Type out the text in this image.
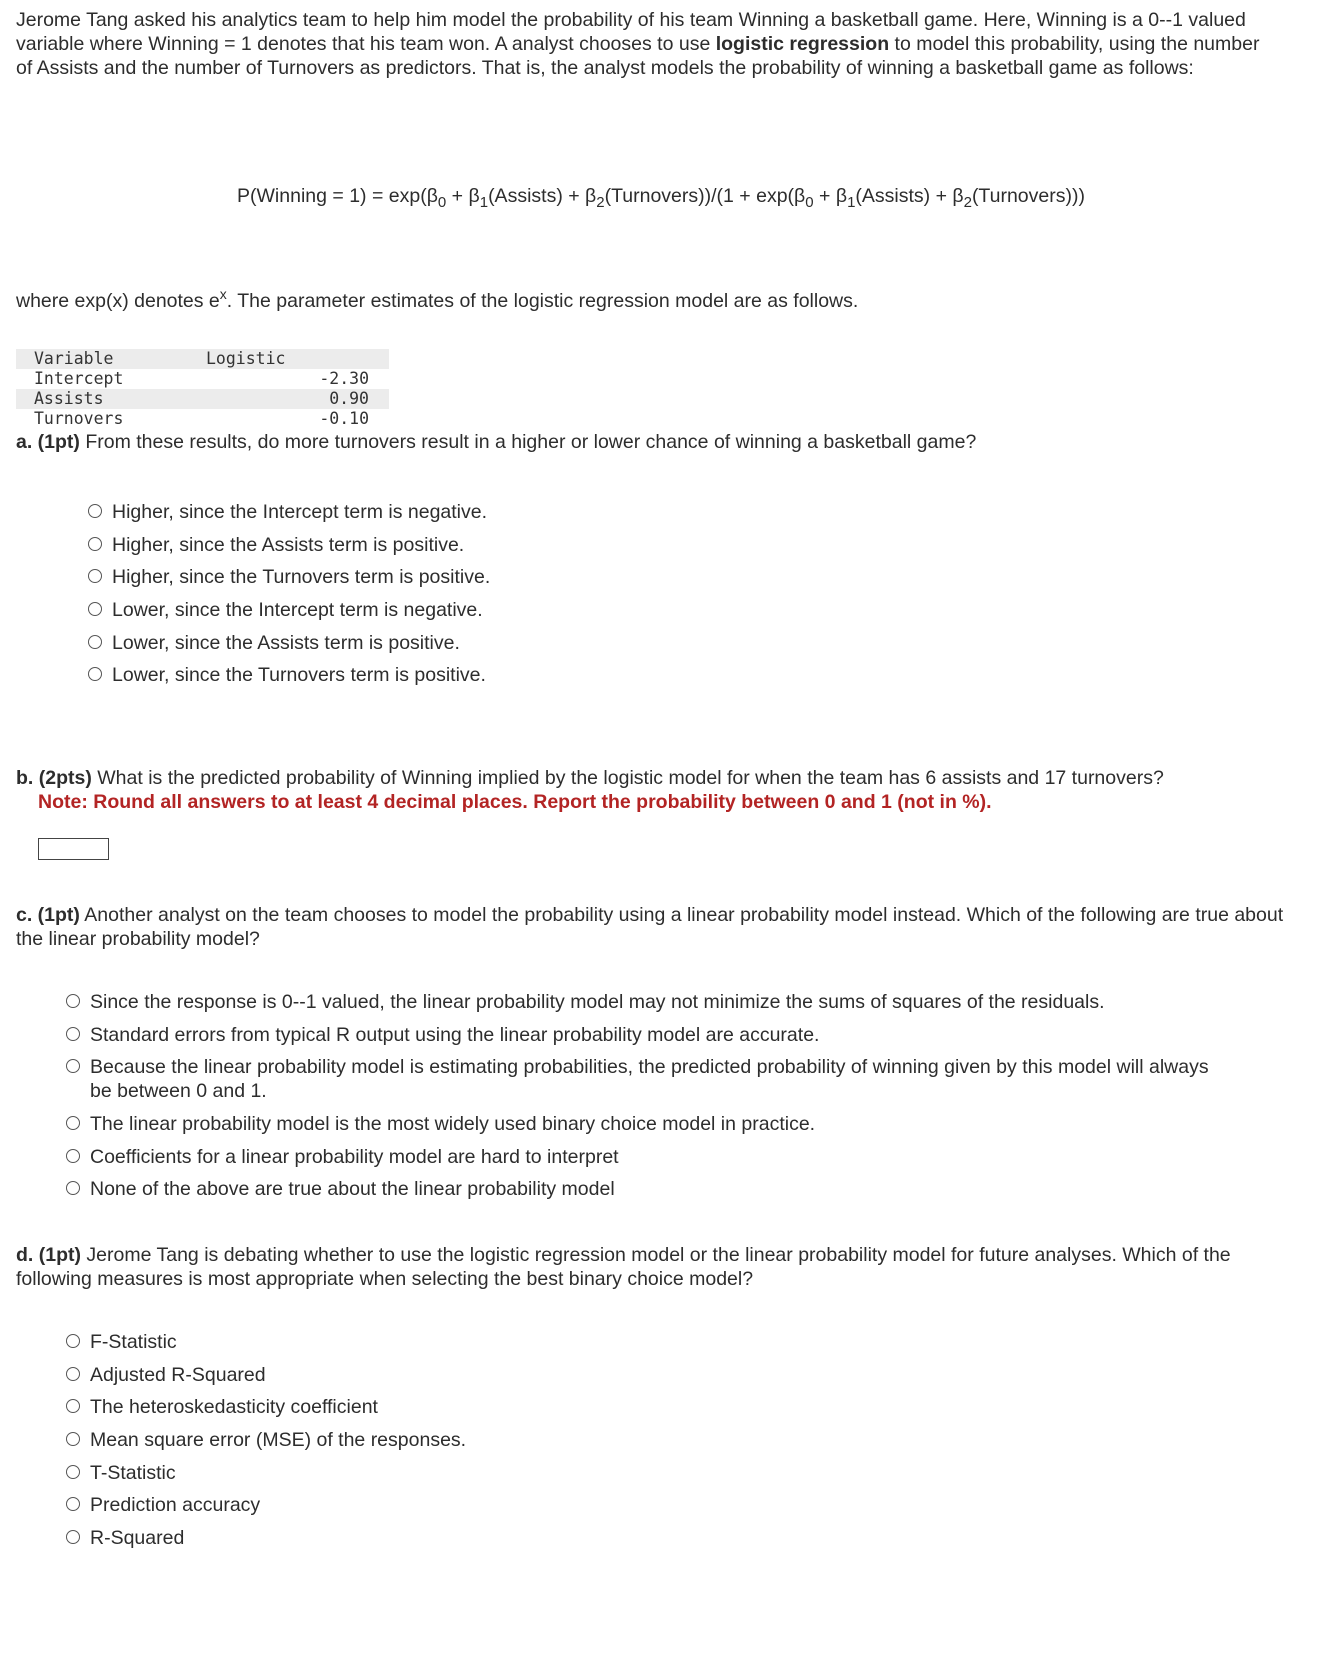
Jerome Tang asked his analytics team to help him model the probability of his team Winning a basketball game. Here, Winning is a 0--1 valued variable where Winning = 1 denotes that his team won. A analyst chooses to use logistic regression to model this probability, using the number of Assists and the number of Turnovers as predictors. That is, the analyst models the probability of winning a basketball game as follows:

P(Winning = $1) = \exp(\beta_0$ + $\beta_1(Assists)$ + $\beta_2(Turnovers))/(1 + \exp(\beta_0$ + $\beta_1(Assists)$ + $\beta_2(Turnovers)$))

where exp(x) denotes $e^x$. The parameter estimates of the logistic regression model are as follows.

Variable	Logistic
Intercept	-2.30
Assists	0.90
Turnovers	-0.10

a. (1pt) From these results, do more turnovers result in a higher or lower chance of winning a basketball game?

Higher, since the Intercept term is negative.
Higher, since the Assists term is positive.
Higher, since the Turnovers term is positive.
Lower, since the Intercept term is negative.
Lower, since the Assists term is positive.
Lower, since the Turnovers term is positive.

b. (2pts) What is the predicted probability of Winning implied by the logistic model for when the team has 6 assists and 17 turnovers?
Note: Round all answers to at least 4 decimal places. Report the probability between 0 and 1 (not in %).

c. (1pt) Another analyst on the team chooses to model the probability using a linear probability model instead. Which of the following are true about the linear probability model?

Since the response is 0--1 valued, the linear probability model may not minimize the sums of squares of the residuals.
Standard errors from typical R output using the linear probability model are accurate.
Because the linear probability model is estimating probabilities, the predicted probability of winning given by this model will always be between 0 and 1.
The linear probability model is the most widely used binary choice model in practice.
Coefficients for a linear probability model are hard to interpret
None of the above are true about the linear probability model

d. (1pt) Jerome Tang is debating whether to use the logistic regression model or the linear probability model for future analyses. Which of the following measures is most appropriate when selecting the best binary choice model?

F-Statistic
Adjusted R-Squared
The heteroskedasticity coefficient
Mean square error (MSE) of the responses.
T-Statistic
Prediction accuracy
R-Squared
